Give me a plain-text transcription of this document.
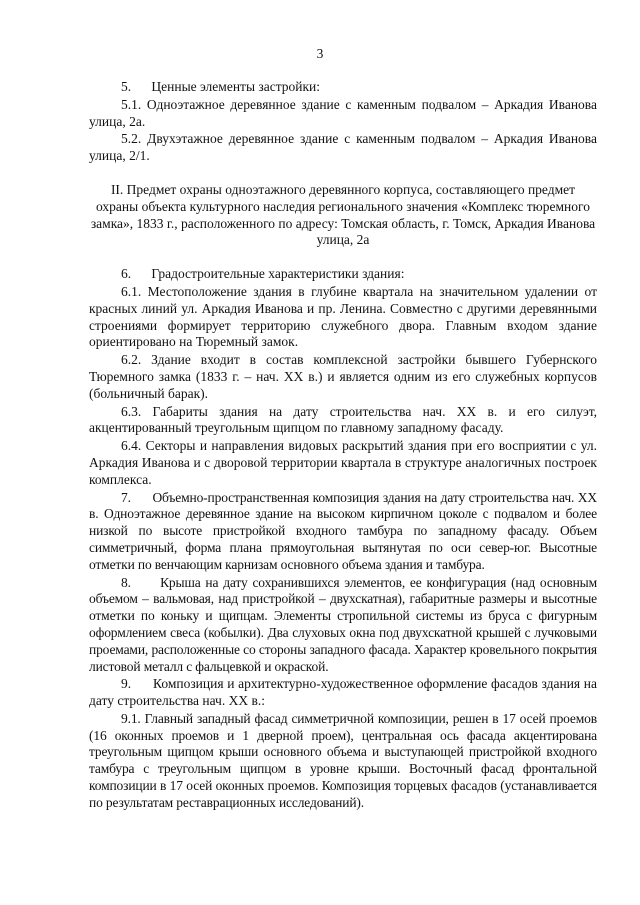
3

5.      Ценные элементы застройки:

5.1. Одноэтажное деревянное здание с каменным подвалом – Аркадия Иванова улица, 2а.

5.2. Двухэтажное деревянное здание с каменным подвалом – Аркадия Иванова улица, 2/1.

II. Предмет охраны одноэтажного деревянного корпуса, составляющего предмет охраны объекта культурного наследия регионального значения «Комплекс тюремного замка», 1833 г., расположенного по адресу: Томская область, г. Томск, Аркадия Иванова улица, 2а

6.      Градостроительные характеристики здания:

6.1. Местоположение здания в глубине квартала на значительном удалении от красных линий ул. Аркадия Иванова и пр. Ленина. Совместно с другими деревянными строениями формирует территорию служебного двора. Главным входом здание ориентировано на Тюремный замок.

6.2. Здание входит в состав комплексной застройки бывшего Губернского Тюремного замка (1833 г. – нач. XX в.) и является одним из его служебных корпусов (больничный барак).

6.3. Габариты здания на дату строительства нач. XX в. и его силуэт, акцентированный треугольным щипцом по главному западному фасаду.

6.4. Секторы и направления видовых раскрытий здания при его восприятии с ул. Аркадия Иванова и с дворовой территории квартала в структуре аналогичных построек комплекса.

7.      Объемно-пространственная композиция здания на дату строительства нач. XX в. Одноэтажное деревянное здание на высоком кирпичном цоколе с подвалом и более низкой по высоте пристройкой входного тамбура по западному фасаду. Объем симметричный, форма плана прямоугольная вытянутая по оси север-юг. Высотные отметки по венчающим карнизам основного объема здания и тамбура.

8.      Крыша на дату сохранившихся элементов, ее конфигурация (над основным объемом – вальмовая, над пристройкой – двухскатная), габаритные размеры и высотные отметки по коньку и щипцам. Элементы стропильной системы из бруса с фигурным оформлением свеса (кобылки). Два слуховых окна под двухскатной крышей с лучковыми проемами, расположенные со стороны западного фасада. Характер кровельного покрытия листовой металл с фальцевкой и окраской.

9.      Композиция и архитектурно-художественное оформление фасадов здания на дату строительства нач. XX в.:

9.1. Главный западный фасад симметричной композиции, решен в 17 осей проемов (16 оконных проемов и 1 дверной проем), центральная ось фасада акцентирована треугольным щипцом крыши основного объема и выступающей пристройкой входного тамбура с треугольным щипцом в уровне крыши. Восточный фасад фронтальной композиции в 17 осей оконных проемов. Композиция торцевых фасадов (устанавливается по результатам реставрационных исследований).
